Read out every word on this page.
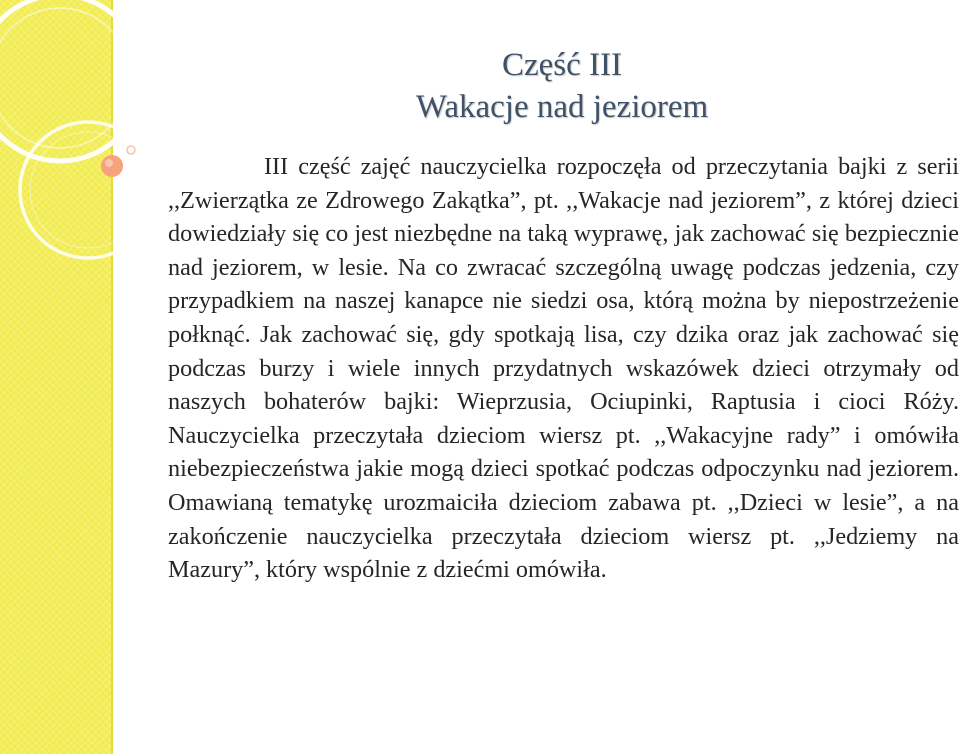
Część III
Wakacje nad jeziorem

III część zajęć nauczycielka rozpoczęła od przeczytania bajki z serii ,,Zwierzątka ze Zdrowego Zakątka”, pt. ,,Wakacje nad jeziorem”, z której dzieci dowiedziały się co jest niezbędne na taką wyprawę, jak zachować się bezpiecznie nad jeziorem, w lesie. Na co zwracać szczególną uwagę podczas jedzenia, czy przypadkiem na naszej kanapce nie siedzi osa, którą można by niepostrzeżenie połknąć. Jak zachować się, gdy spotkają lisa, czy dzika oraz jak zachować się podczas burzy i wiele innych przydatnych wskazówek dzieci otrzymały od naszych bohaterów bajki: Wieprzusia, Ociupinki, Raptusia i cioci Róży. Nauczycielka przeczytała dzieciom wiersz pt. ,,Wakacyjne rady” i omówiła niebezpieczeństwa jakie mogą dzieci spotkać podczas odpoczynku nad jeziorem. Omawianą tematykę urozmaiciła dzieciom zabawa pt. ,,Dzieci w lesie”, a na zakończenie nauczycielka przeczytała dzieciom wiersz pt. ,,Jedziemy na Mazury”, który wspólnie z dziećmi omówiła.
